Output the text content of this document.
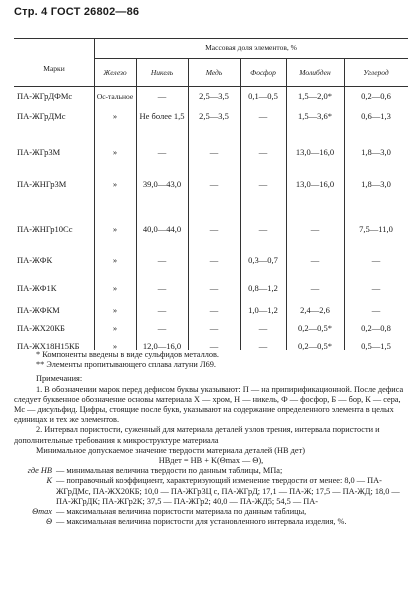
Стр. 4 ГОСТ 26802—86
Массовая доля элементов, %
Марки	Железо	Никель	Медь	Фосфор	Молибден	Углерод
ПА-ЖГрДФМс	Ос-тальное	—	2,5—3,5	0,1—0,5	1,5—2,0*	0,2—0,6
ПА-ЖГрДМс	»	Не более 1,5	2,5—3,5	—	1,5—3,6*	0,6—1,3
ПА-ЖГр3М	»	—	—	—	13,0—16,0	1,8—3,0
ПА-ЖНГр3М	»	39,0—43,0	—	—	13,0—16,0	1,8—3,0
ПА-ЖНГр10Сс	»	40,0—44,0	—	—	—	7,5—11,0
ПА-ЖФК	»	—	—	0,3—0,7	—	—
ПА-ЖФ1К	»	—	—	0,8—1,2	—	—
ПА-ЖФКМ	»	—	—	1,0—1,2	2,4—2,6	—
ПА-ЖХ20КБ	»	—	—	—	0,2—0,5*	0,2—0,8
ПА-ЖХ18Н15КБ	»	12,0—16,0	—	—	0,2—0,5*	0,5—1,5

* Компоненты введены в виде сульфидов металлов.

** Элементы пропитывающего сплава латуни Л69.

Примечания:

1. В обозначении марок перед дефисом буквы указывают: П — на припирификационной. После дефиса следует буквенное обозначение основы материала Х — хром, Н — никель, Ф — фосфор, Б — бор, К — сера, Мс — дисульфид. Цифры, стоящие после букв, указывают на содержание определенного элемента в целых единицах и тех же элементов.

2. Интервал пористости, суженный для материала деталей узлов трения, интервала пористости и дополнительные требования к микроструктуре материала

Минимальное допускаемое значение твердости материала деталей (HB дет)

HBдет = HB + K(Θmax — Θ),

где HB — минимальная величина твердости по данным таблицы, МПа;
K — поправочный коэффициент, характеризующий изменение твердости от менее: 8,0 — ПА-ЖГрДМс, ПА-ЖХ20КБ; 10,0 — ПА-ЖГр3Ц с, ПА-ЖГрД; 17,1 — ПА-Ж; 17,5 — ПА-ЖД; 18,0 — ПА-ЖГрДК; ПА-ЖГр2К; 37,5 — ПА-ЖГр2; 40,0 — ПА-ЖД5; 54,5 — ПА-
Θmax — максимальная величина пористости материала по данным таблицы,
Θ — максимальная величина пористости для установленного интервала изделия, %.
